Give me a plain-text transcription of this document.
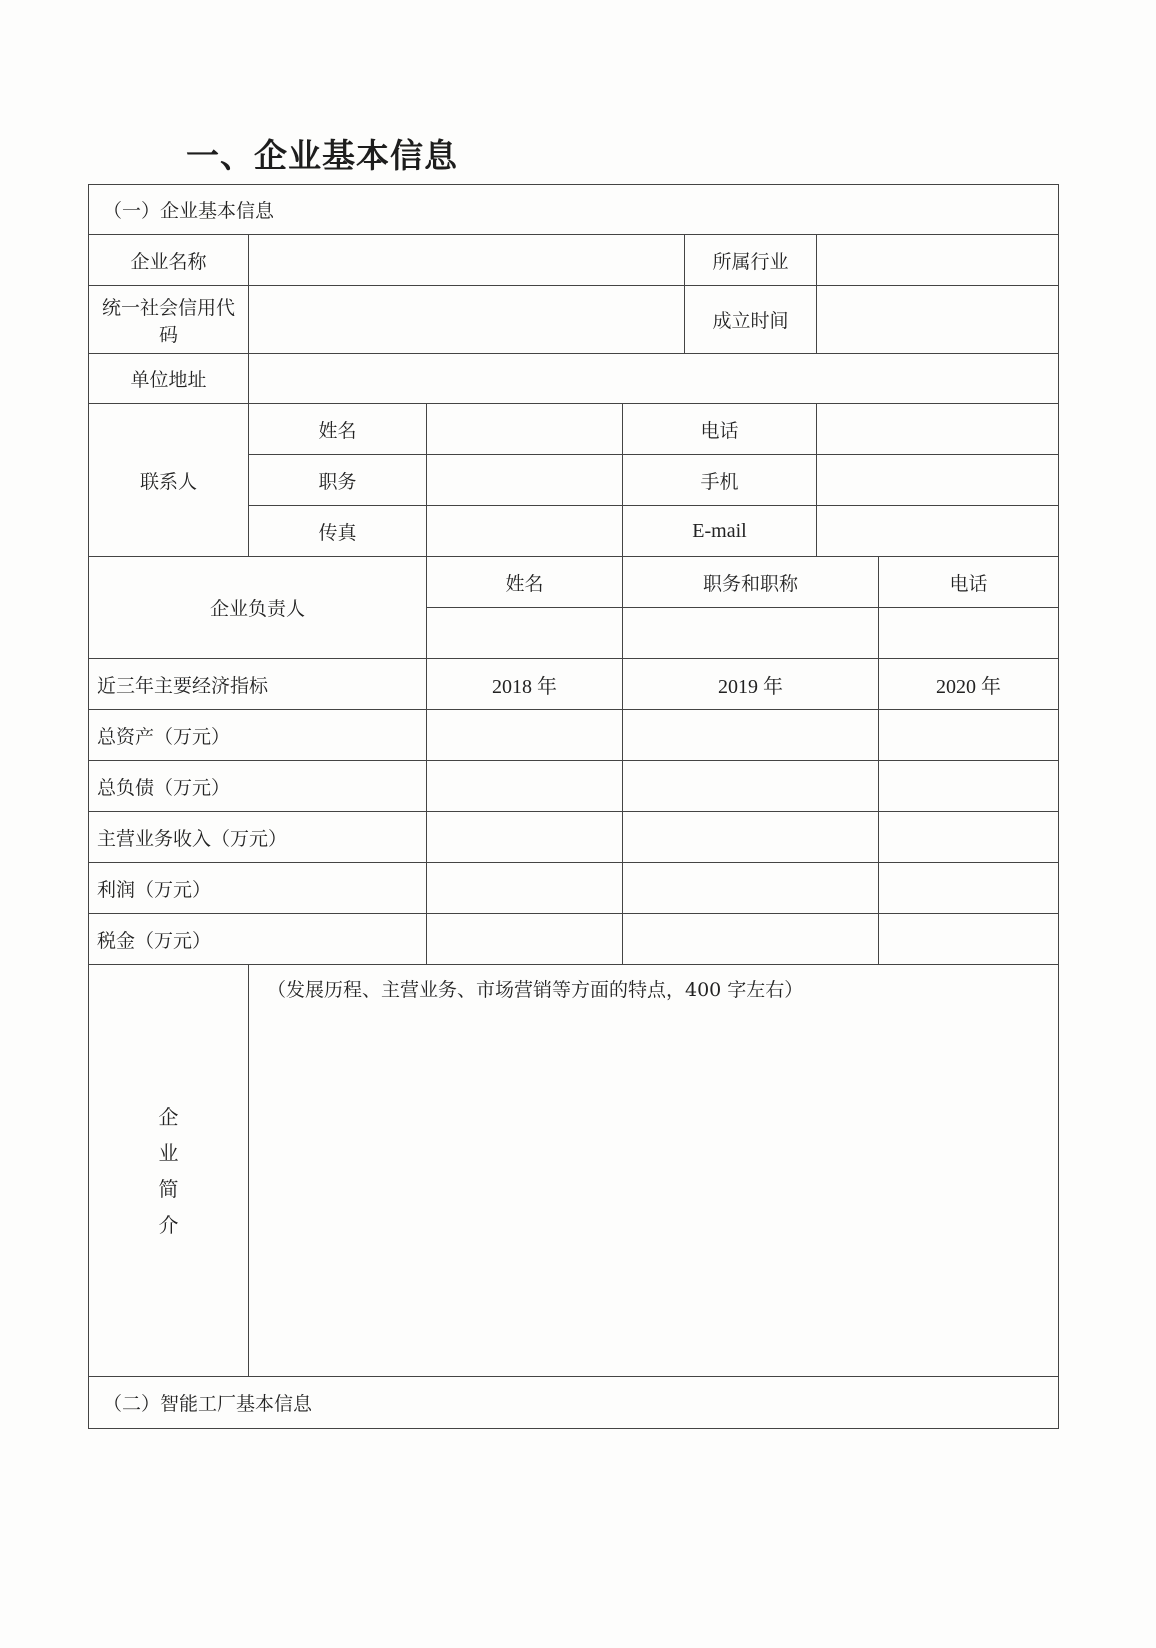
一、企业基本信息
（一）企业基本信息						
企业名称				所属行业		
统一社会信用代码				成立时间		
单位地址						
联系人	姓名		电话			
	职务		手机			
	传真		E-mail			
企业负责人		姓名	职务和职称			电话

近三年主要经济指标		2018 年	2019 年			2020 年
总资产（万元）						
总负债（万元）						
主营业务收入（万元）						
利润（万元）						
税金（万元）						
企业简介	（发展历程、主营业务、市场营销等方面的特点，400 字左右）					
（二）智能工厂基本信息						
